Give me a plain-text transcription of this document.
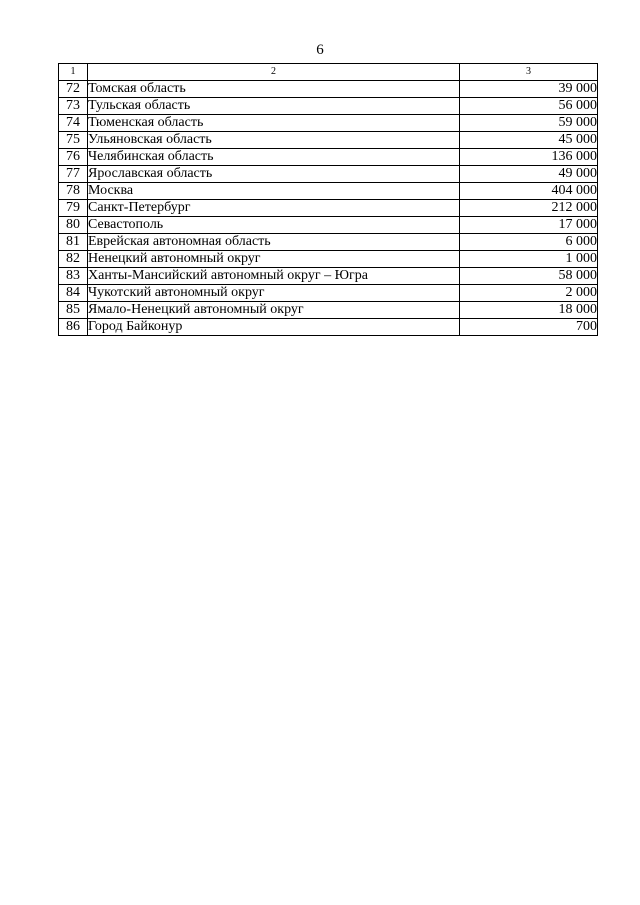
6
1	2	3
72	Томская область	39 000
73	Тульская область	56 000
74	Тюменская область	59 000
75	Ульяновская область	45 000
76	Челябинская область	136 000
77	Ярославская область	49 000
78	Москва	404 000
79	Санкт-Петербург	212 000
80	Севастополь	17 000
81	Еврейская автономная область	6 000
82	Ненецкий автономный округ	1 000
83	Ханты-Мансийский автономный округ – Югра	58 000
84	Чукотский автономный округ	2 000
85	Ямало-Ненецкий автономный округ	18 000
86	Город Байконур	700
